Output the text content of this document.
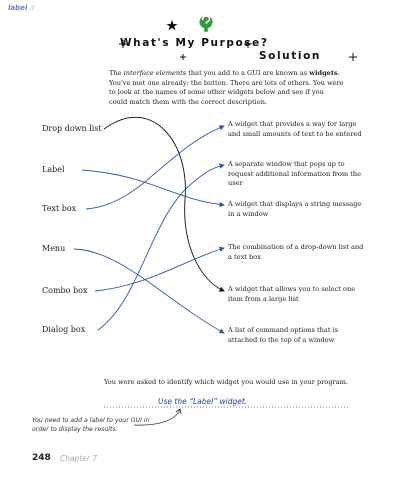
label it
What's My Purpose?
Solution
The interface elements that you add to a GUI are known as widgets. You've met one already: the button. There are lots of others. You were to look at the names of some other widgets below and see if you could match them with the correct description.
Drop down list
Label
Text box
Menu
Combo box
Dialog box
A widget that provides a way for large and small amounts of text to be entered
A separate window that pops up to request additional information from the user
A widget that displays a string message in a window
The combination of a drop-down list and a text box
A widget that allows you to select one item from a large list
A list of command options that is attached to the top of a window
You were asked to identify which widget you would use in your program.
Use the “Label” widget.
You need to add a label to your GUI in order to display the results.
248 Chapter 7
